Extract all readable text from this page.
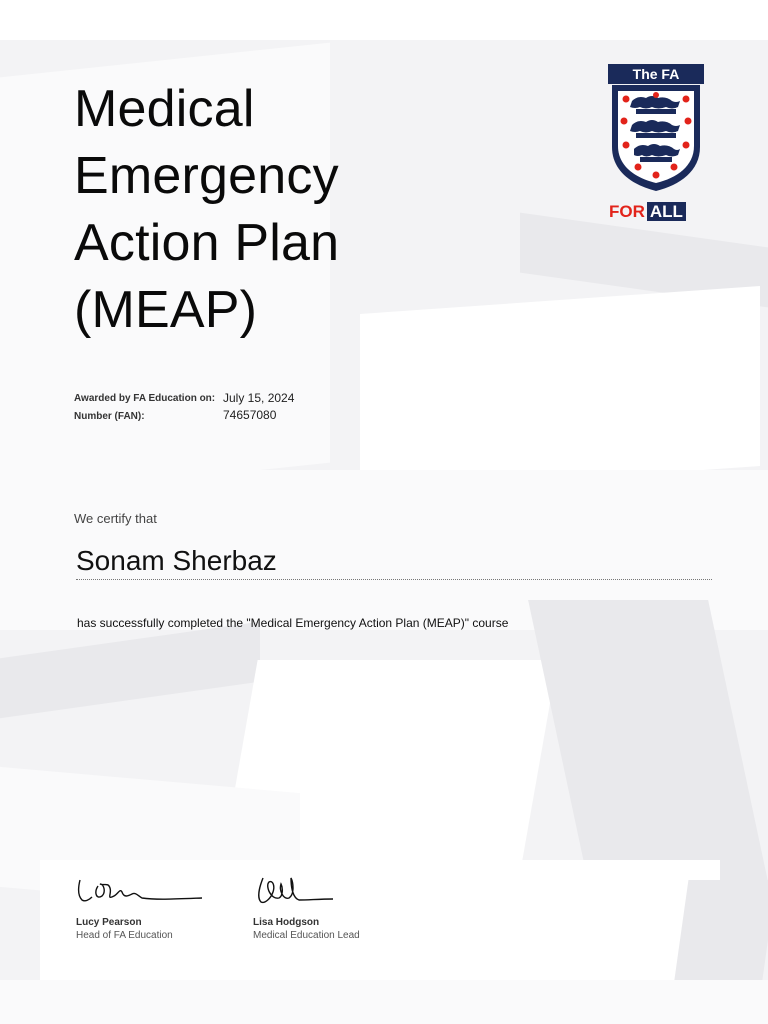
Medical
Emergency
Action Plan
(MEAP)
The FA
FOR ALL
Awarded by FA Education on:
Number (FAN):
July 15, 2024
74657080
We certify that
Sonam Sherbaz
has successfully completed the "Medical Emergency Action Plan (MEAP)" course
Lucy Pearson
Head of FA Education
Lisa Hodgson
Medical Education Lead
